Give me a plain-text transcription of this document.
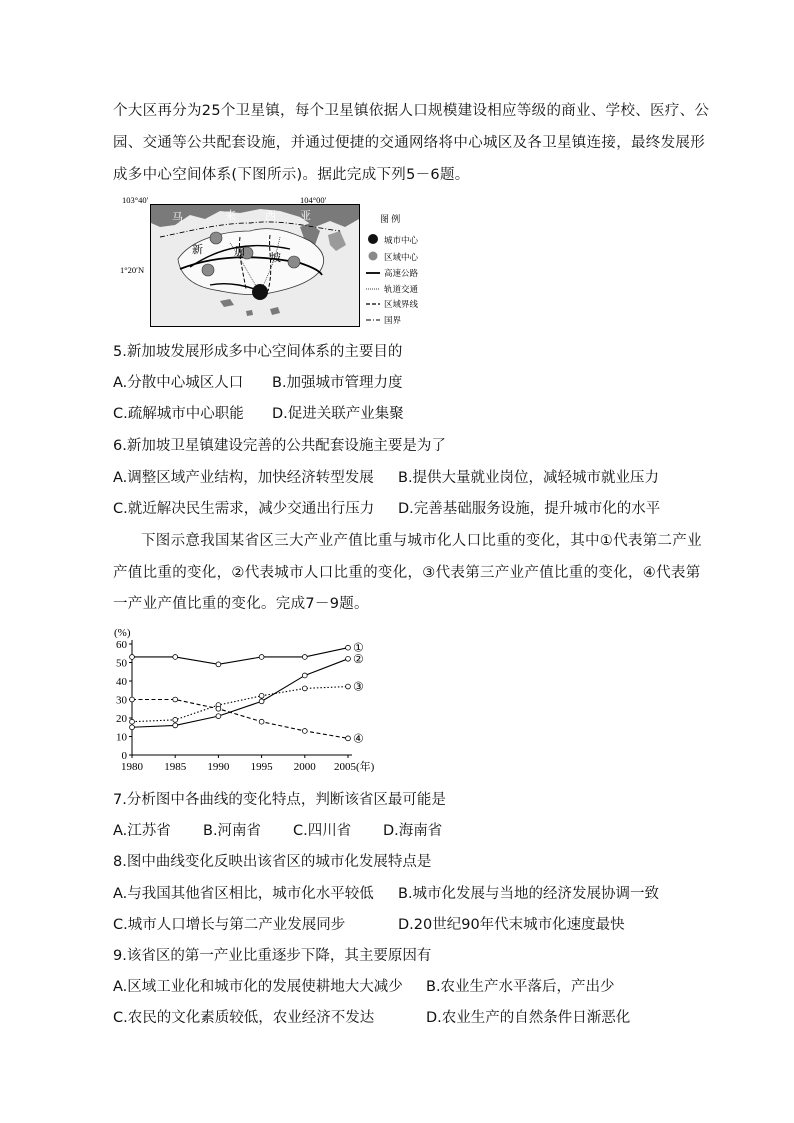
个大区再分为25个卫星镇，每个卫星镇依据人口规模建设相应等级的商业、学校、医疗、公
园、交通等公共配套设施，并通过便捷的交通网络将中心城区及各卫星镇连接，最终发展形
成多中心空间体系(下图所示)。据此完成下列5－6题。
103°40′	104°00′
1°20′N
马	来	西 亚
新	加 坡
图 例
城市中心
区域中心
高速公路
轨道交通
区域界线
国界
5.新加坡发展形成多中心空间体系的主要目的
A.分散中心城区人口 B.加强城市管理力度
C.疏解城市中心职能 D.促进关联产业集聚
6.新加坡卫星镇建设完善的公共配套设施主要是为了
A.调整区域产业结构，加快经济转型发展 B.提供大量就业岗位，减轻城市就业压力
C.就近解决民生需求，减少交通出行压力 D.完善基础服务设施，提升城市化的水平
下图示意我国某省区三大产业产值比重与城市化人口比重的变化，其中①代表第二产业
产值比重的变化，②代表城市人口比重的变化，③代表第三产业产值比重的变化，④代表第
一产业产值比重的变化。完成7－9题。
0
10
20
30
40
50
60
(%)
1980 1985 1990 1995 2000 2005(年)
①
②
③
④
7.分析图中各曲线的变化特点，判断该省区最可能是
A.江苏省 B.河南省 C.四川省 D.海南省
8.图中曲线变化反映出该省区的城市化发展特点是
A.与我国其他省区相比，城市化水平较低 B.城市化发展与当地的经济发展协调一致
C.城市人口增长与第二产业发展同步	D.20世纪90年代末城市化速度最快
9.该省区的第一产业比重逐步下降，其主要原因有
A.区域工业化和城市化的发展使耕地大大减少 B.农业生产水平落后，产出少
C.农民的文化素质较低，农业经济不发达	D.农业生产的自然条件日渐恶化
